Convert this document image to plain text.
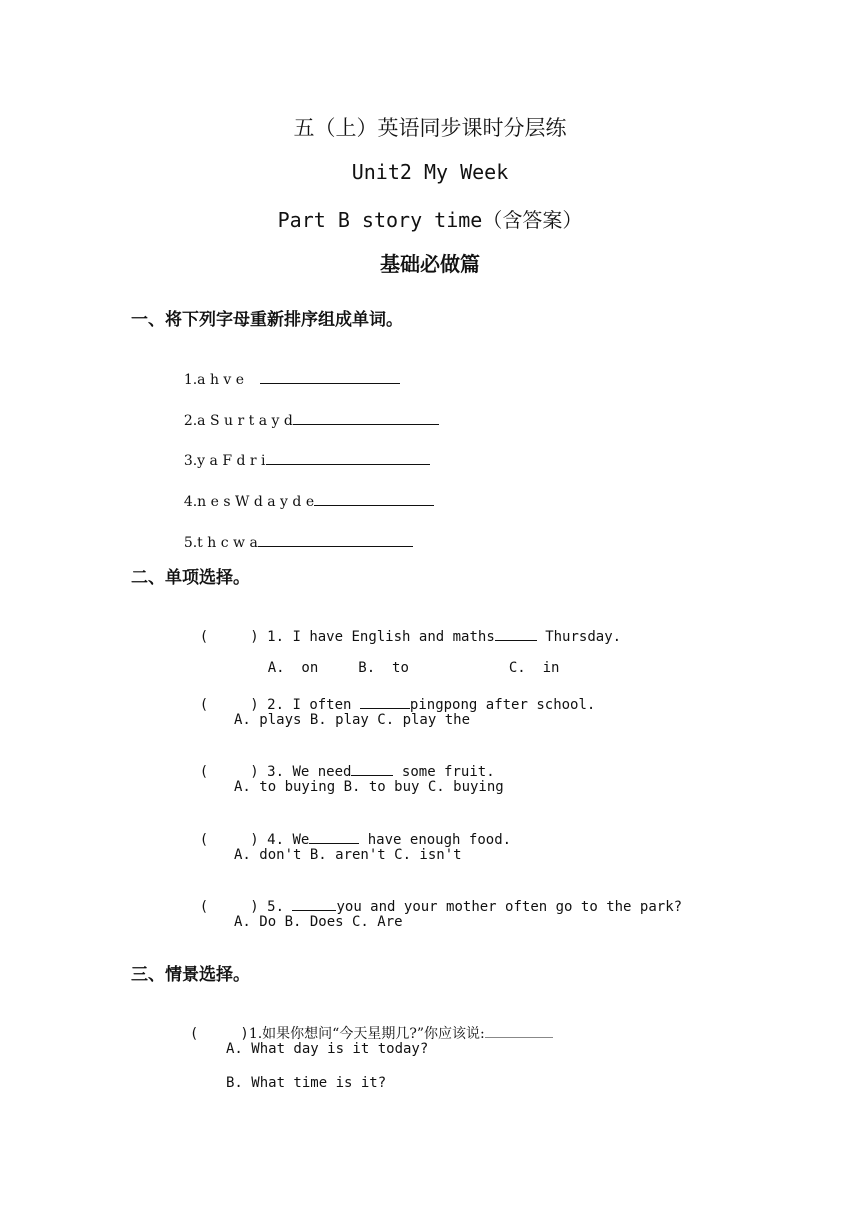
五（上）英语同步课时分层练
Unit2 My Week
Part B story time（含答案）
基础必做篇
一、将下列字母重新排序组成单词。

1.a h v e

2.a S u r t a y d

3.y a F d r i

4.n e s W d a y d e

5.t h c w a

二、单项选择。

(     ) 1. I have English and maths	Thursday.

A.  on	B.  to	C.  in

(     ) 2. I often	pingpong after school.

A. plays B. play C. play the

(     ) 3. We need	some fruit.

A. to buying B. to buy C. buying

(     ) 4. We	have enough food.

A. don't B. aren't C. isn't

(     ) 5.	you and your mother often go to the park?

A. Do B. Does C. Are
三、情景选择。

(     )1.如果你想问“今天星期几?”你应该说:

A. What day is it today?
B. What time is it?
